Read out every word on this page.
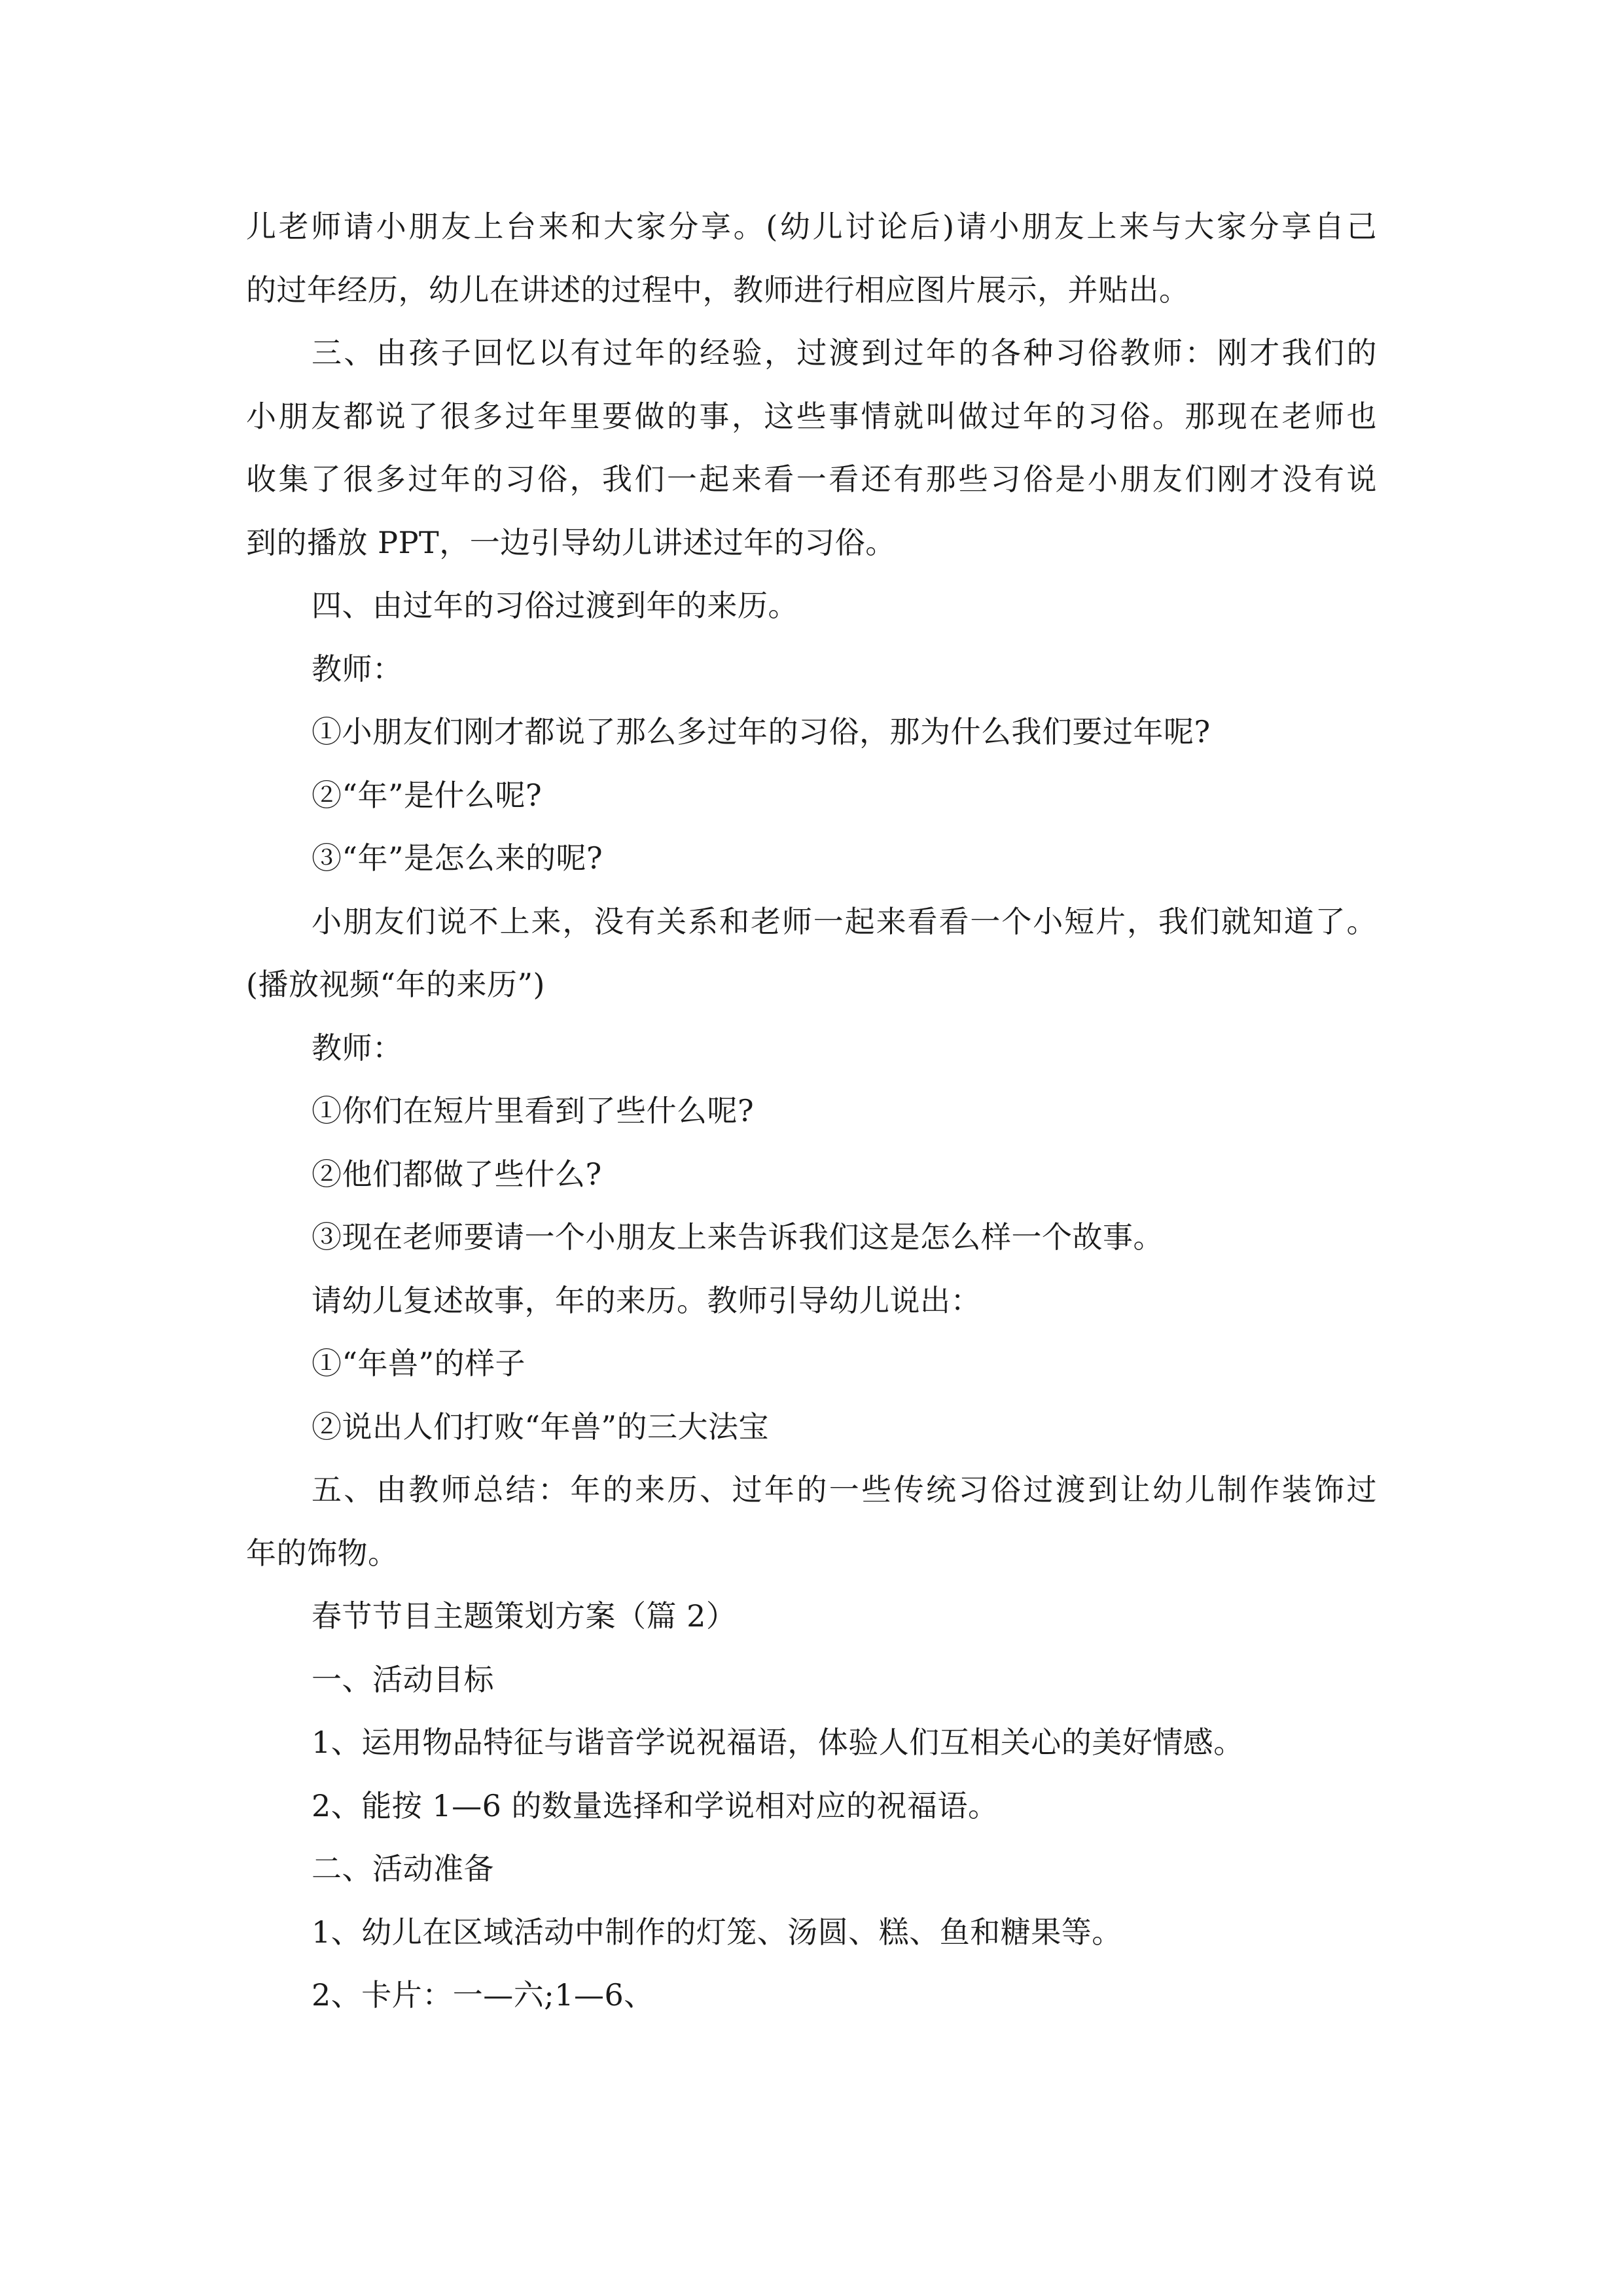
儿老师请小朋友上台来和大家分享。(幼儿讨论后)请小朋友上来与大家分享自己

的过年经历，幼儿在讲述的过程中，教师进行相应图片展示，并贴出。

三、由孩子回忆以有过年的经验，过渡到过年的各种习俗教师：刚才我们的

小朋友都说了很多过年里要做的事，这些事情就叫做过年的习俗。那现在老师也

收集了很多过年的习俗，我们一起来看一看还有那些习俗是小朋友们刚才没有说

到的播放 PPT，一边引导幼儿讲述过年的习俗。

四、由过年的习俗过渡到年的来历。

教师：

①小朋友们刚才都说了那么多过年的习俗，那为什么我们要过年呢?

②“年”是什么呢?

③“年”是怎么来的呢?

小朋友们说不上来，没有关系和老师一起来看看一个小短片，我们就知道了。

(播放视频“年的来历”)

教师：

①你们在短片里看到了些什么呢?

②他们都做了些什么?

③现在老师要请一个小朋友上来告诉我们这是怎么样一个故事。

请幼儿复述故事，年的来历。教师引导幼儿说出：

①“年兽”的样子

②说出人们打败“年兽”的三大法宝

五、由教师总结：年的来历、过年的一些传统习俗过渡到让幼儿制作装饰过

年的饰物。

春节节目主题策划方案（篇 2）

一、活动目标

1、运用物品特征与谐音学说祝福语，体验人们互相关心的美好情感。

2、能按 1—6 的数量选择和学说相对应的祝福语。

二、活动准备

1、幼儿在区域活动中制作的灯笼、汤圆、糕、鱼和糖果等。

2、卡片：一—六;1—6、
